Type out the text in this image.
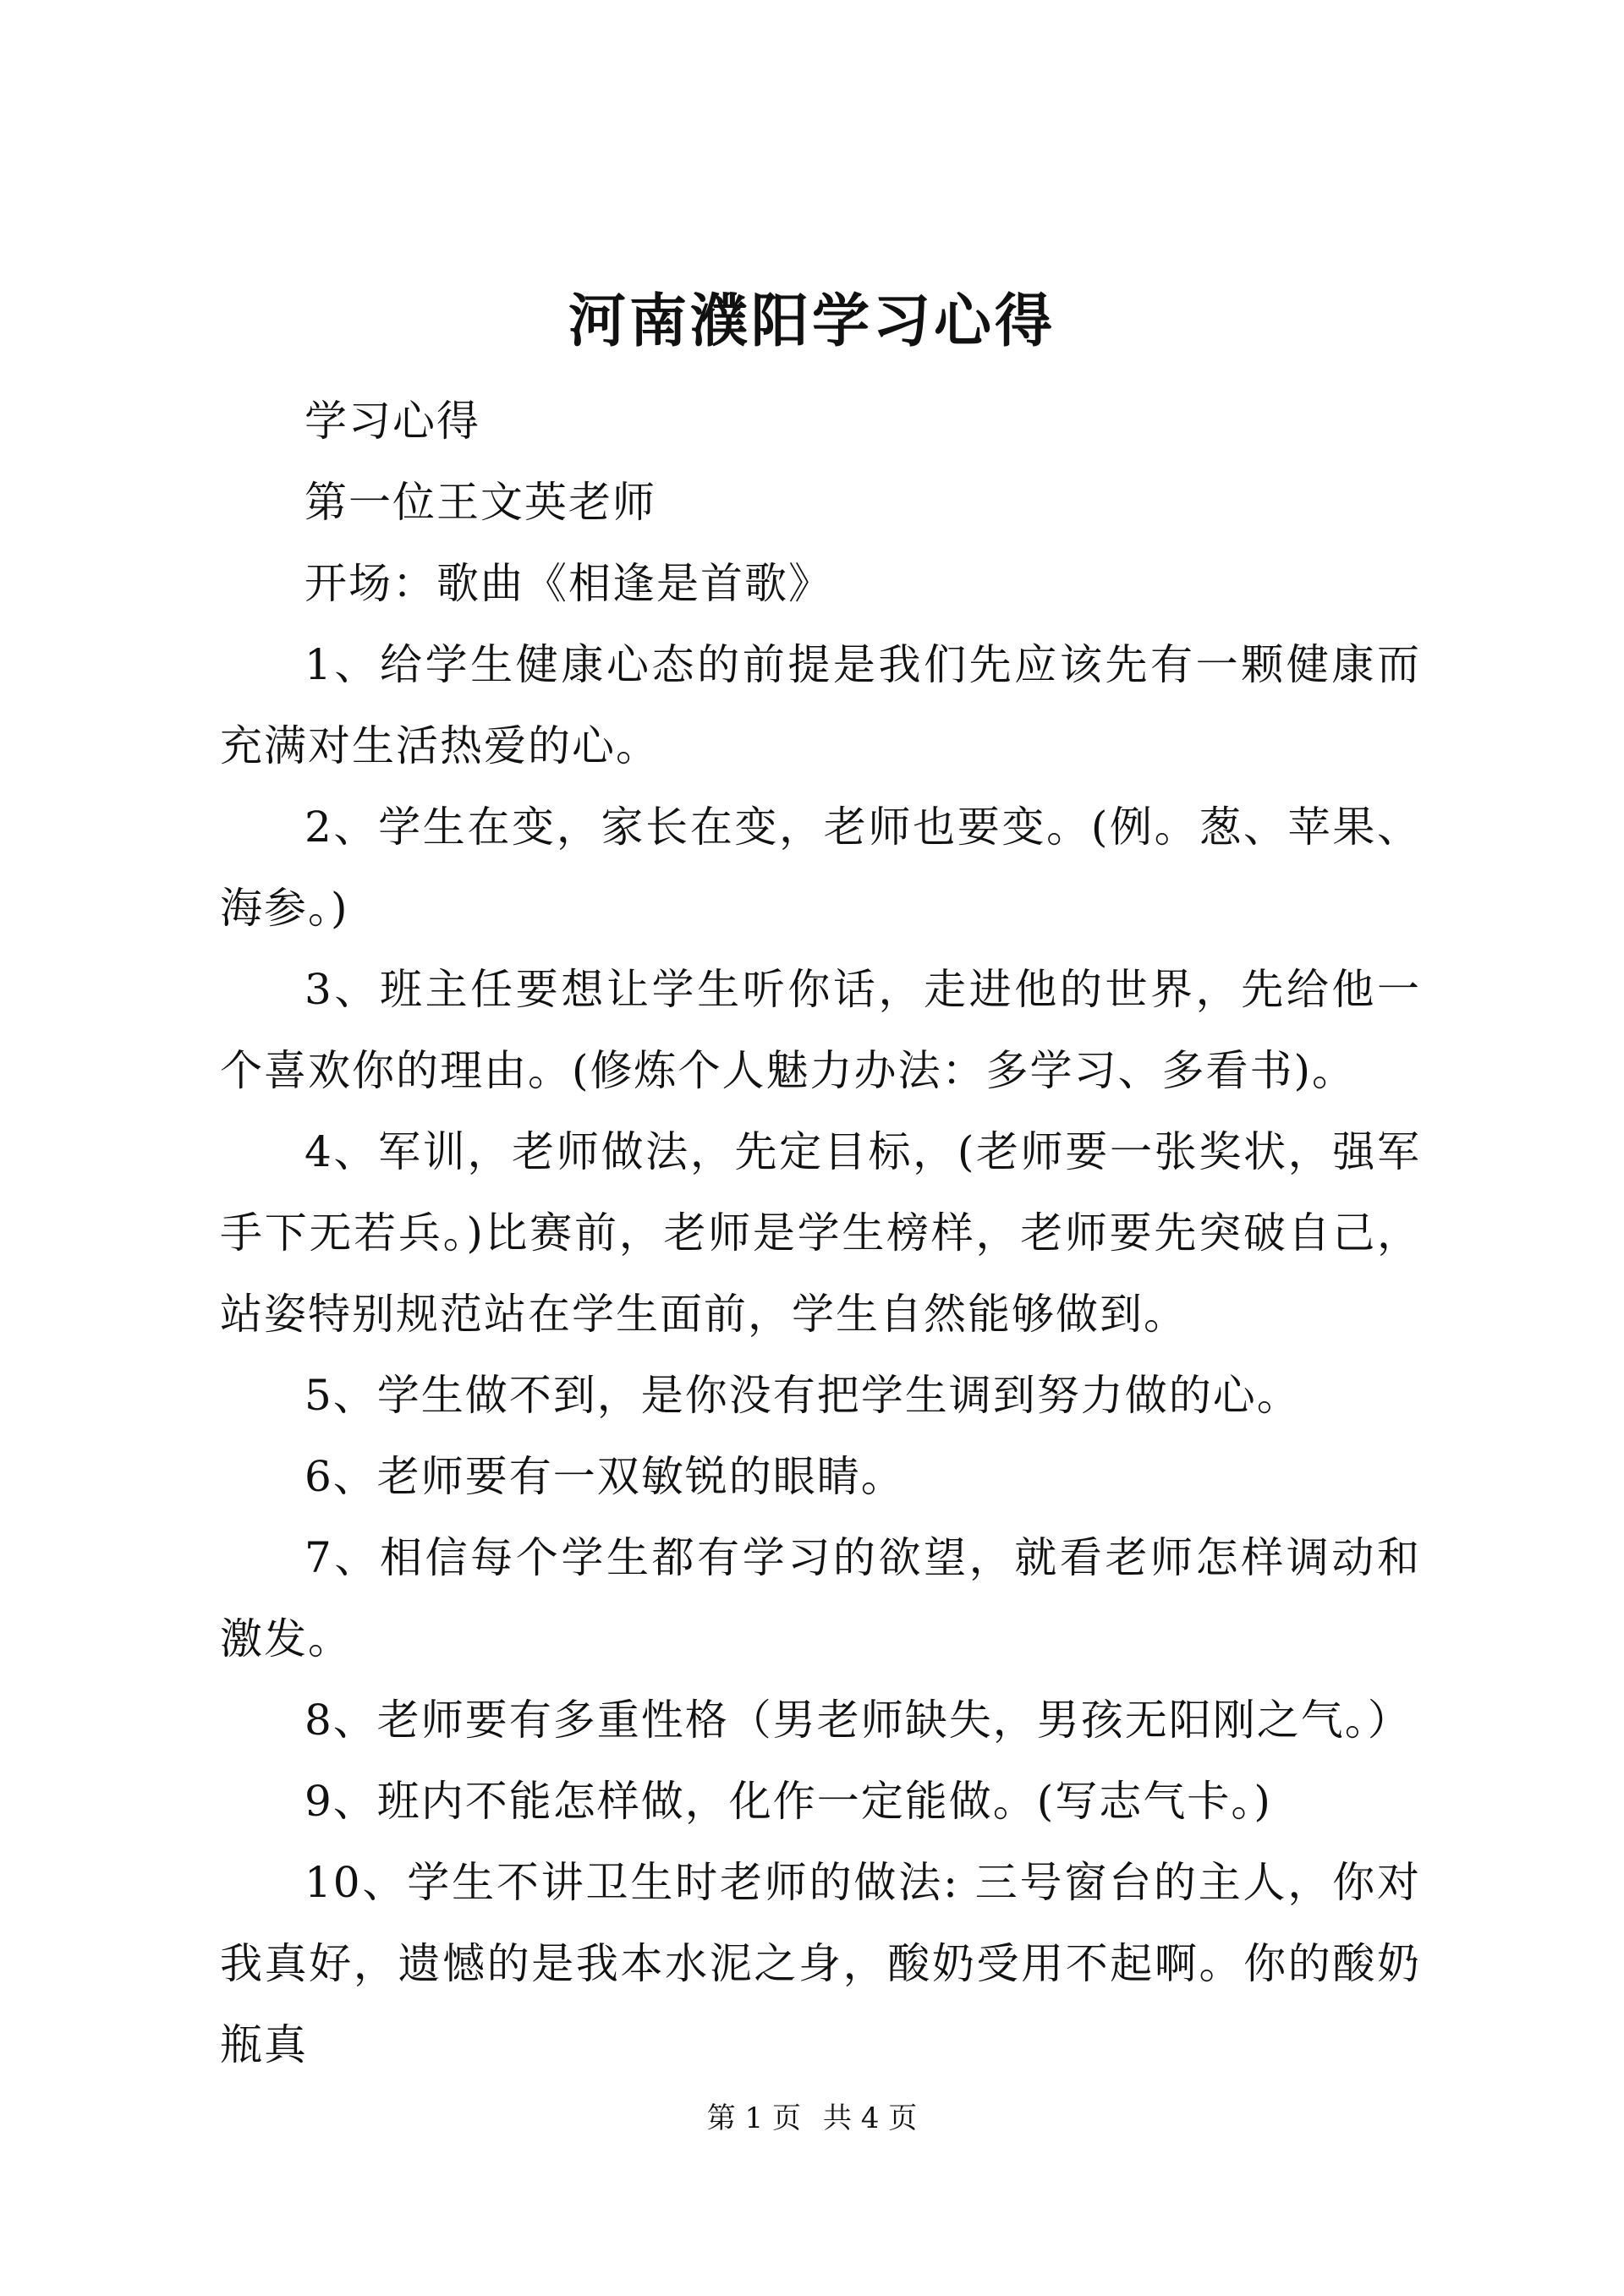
河南濮阳学习心得

学习心得

第一位王文英老师

开场：歌曲《相逢是首歌》

1、给学生健康心态的前提是我们先应该先有一颗健康而充满对生活热爱的心。

2、学生在变，家长在变，老师也要变。(例。葱、苹果、海参。)

3、班主任要想让学生听你话，走进他的世界，先给他一个喜欢你的理由。(修炼个人魅力办法：多学习、多看书)。

4、军训，老师做法，先定目标，(老师要一张奖状，强军手下无若兵。)比赛前，老师是学生榜样，老师要先突破自己，站姿特别规范站在学生面前，学生自然能够做到。

5、学生做不到，是你没有把学生调到努力做的心。

6、老师要有一双敏锐的眼睛。

7、相信每个学生都有学习的欲望，就看老师怎样调动和激发。

8、老师要有多重性格（男老师缺失，男孩无阳刚之气。）

9、班内不能怎样做，化作一定能做。(写志气卡。)

10、学生不讲卫生时老师的做法: 三号窗台的主人，你对我真好，遗憾的是我本水泥之身，酸奶受用不起啊。你的酸奶瓶真

第 1 页 共 4 页
